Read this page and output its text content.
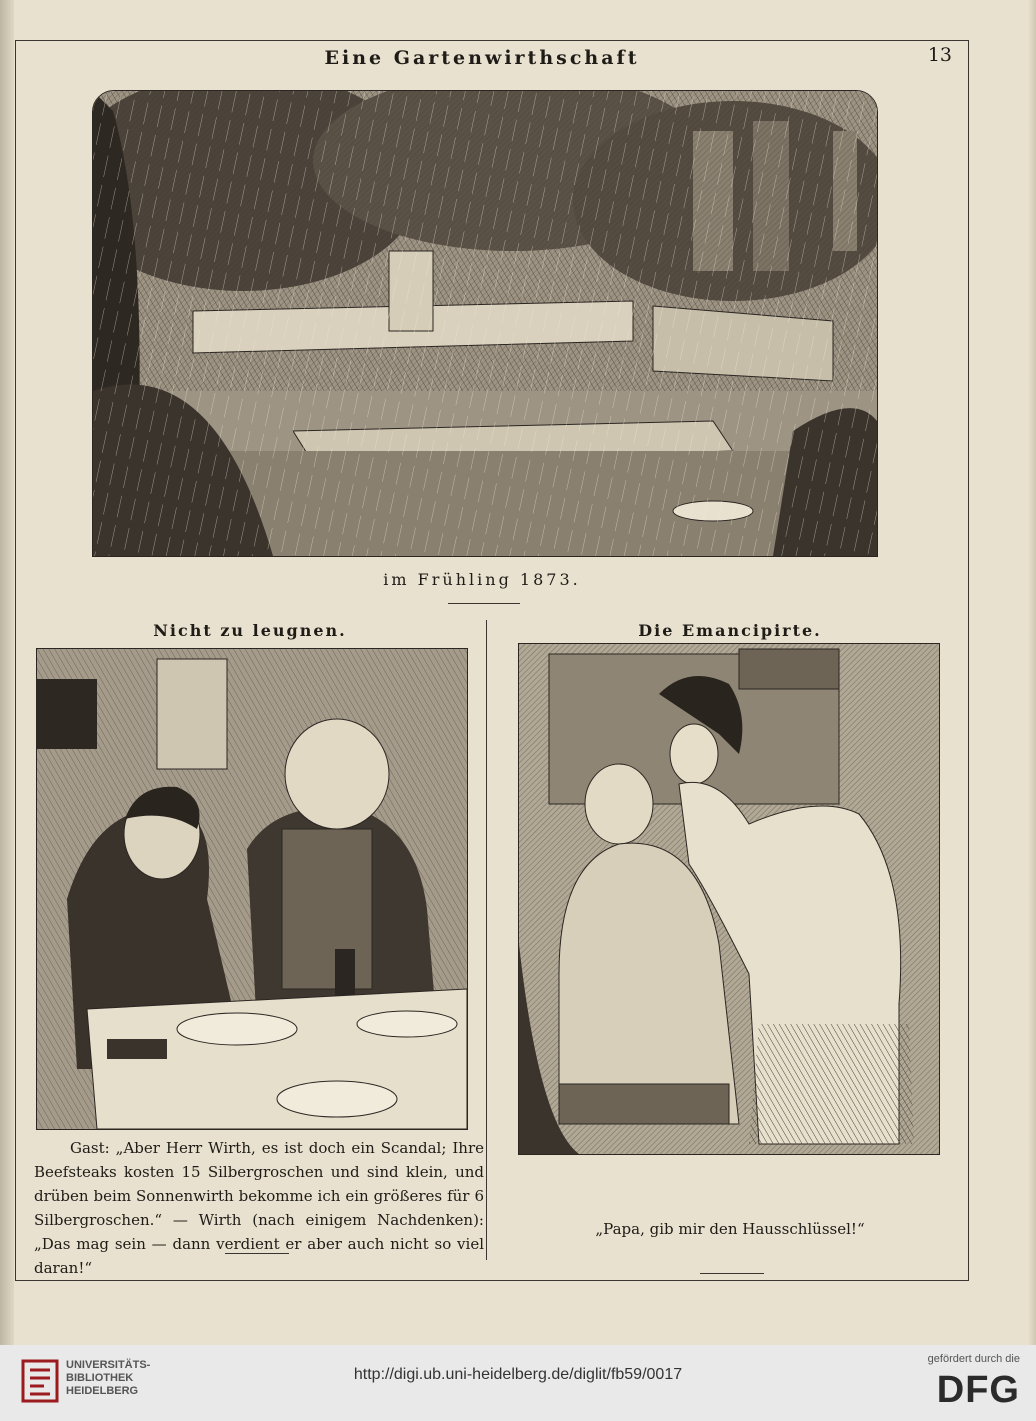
Eine Gartenwirthschaft	13
im Frühling 1873.
Nicht zu leugnen.	Die Emancipirte.

Gast: „Aber Herr Wirth, es ist doch ein Scandal; Ihre Beefsteaks kosten 15 Silbergroschen und sind klein, und drüben beim Sonnenwirth bekomme ich ein größeres für 6 Silbergroschen.“ — Wirth (nach einigem Nachdenken): „Das mag sein — dann verdient er aber auch nicht so viel daran!“

„Papa, gib mir den Hausschlüssel!“
UNIVERSITÄTS-
BIBLIOTHEK
HEIDELBERG
http://digi.ub.uni-heidelberg.de/diglit/fb59/0017
gefördert durch die
DFG
